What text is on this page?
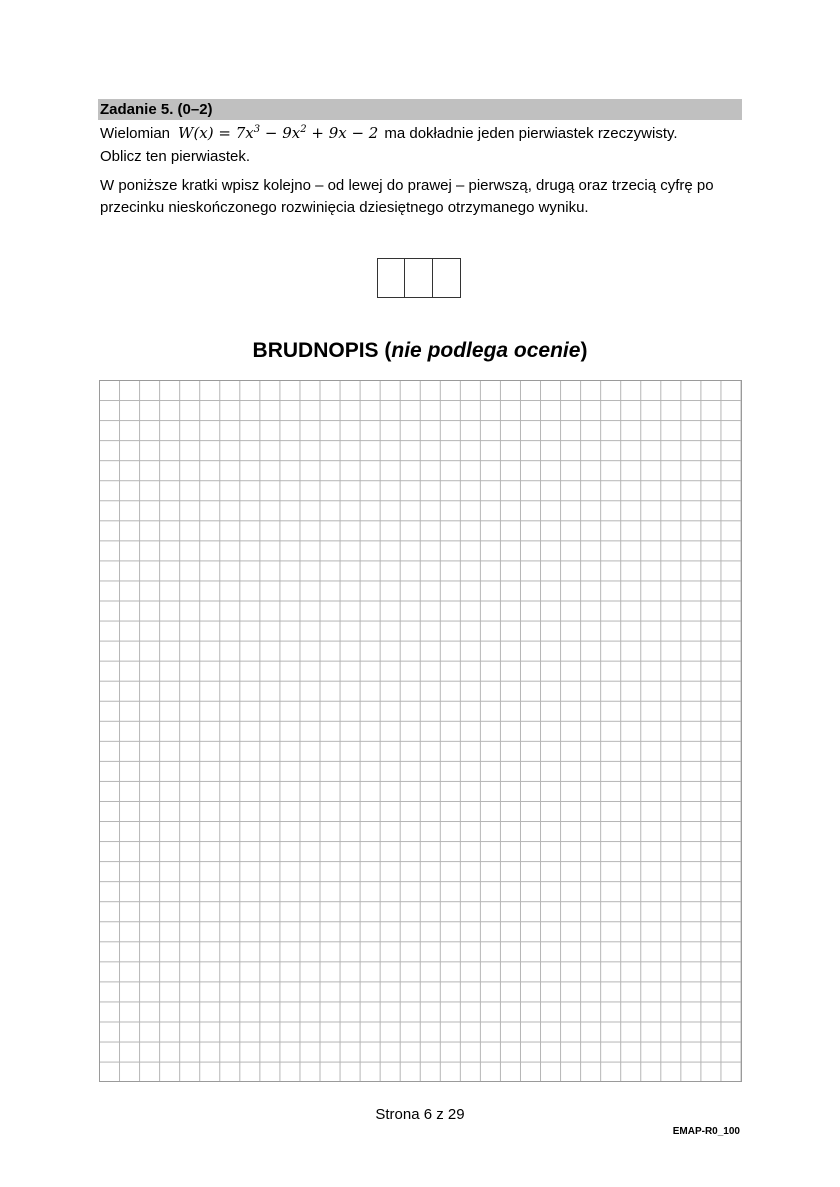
Zadanie 5. (0–2)
Wielomian $W(x) = 7x^3 - 9x^2 + 9x - 2$ ma dokładnie jeden pierwiastek rzeczywisty.
Oblicz ten pierwiastek.
W poniższe kratki wpisz kolejno – od lewej do prawej – pierwszą, drugą oraz trzecią cyfrę po
przecinku nieskończonego rozwinięcia dziesiętnego otrzymanego wyniku.
BRUDNOPIS (nie podlega ocenie)
Strona 6 z 29
EMAP-R0_100
